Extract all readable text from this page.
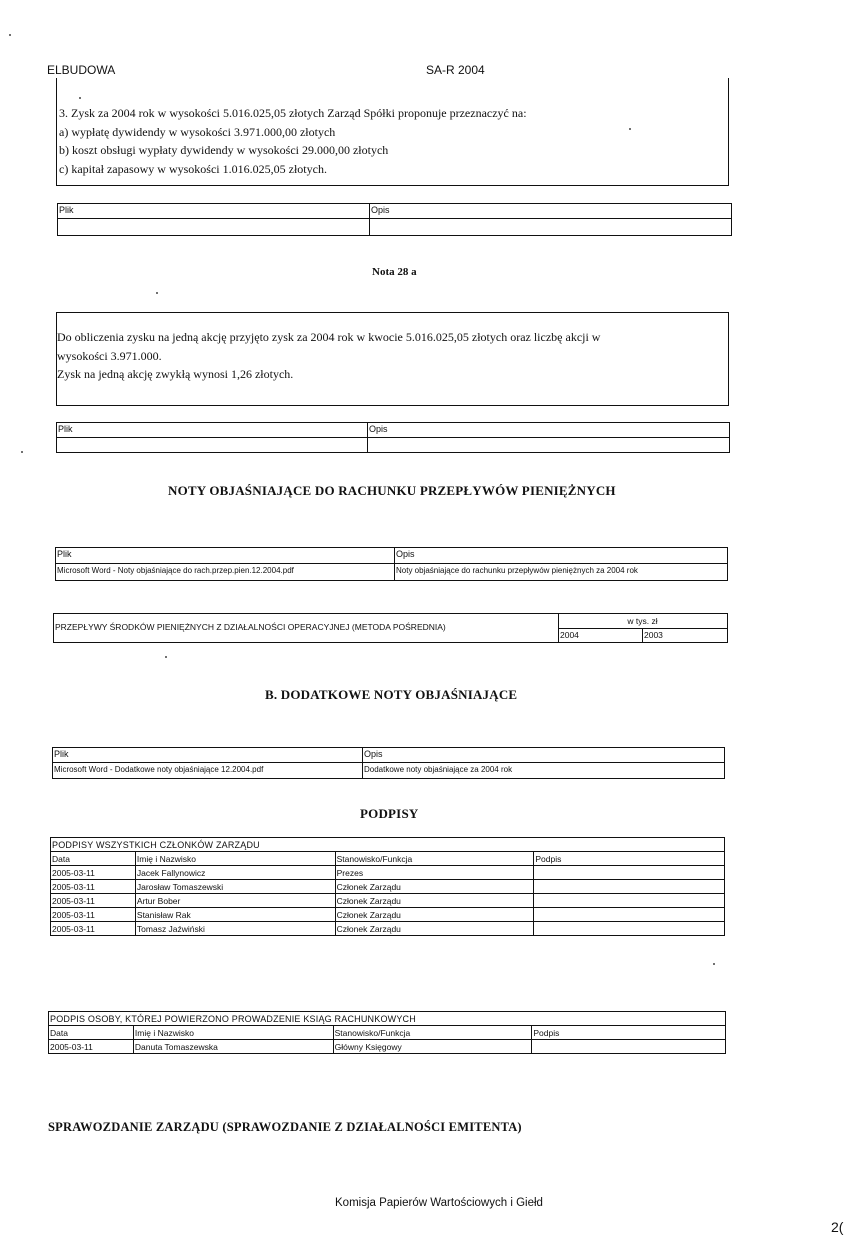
ELBUDOWA	SA-R 2004
3. Zysk za 2004 rok w wysokości 5.016.025,05 złotych Zarząd Spółki proponuje przeznaczyć na:
a) wypłatę dywidendy w wysokości 3.971.000,00 złotych
b) koszt obsługi wypłaty dywidendy w wysokości 29.000,00 złotych
c) kapitał zapasowy w wysokości 1.016.025,05 złotych.
Plik	Opis
Nota 28 a
Do obliczenia zysku na jedną akcję przyjęto zysk za 2004 rok w kwocie 5.016.025,05 złotych oraz liczbę akcji w
wysokości 3.971.000.
Zysk na jedną akcję zwykłą wynosi 1,26 złotych.
Plik	Opis
NOTY OBJAŚNIAJĄCE DO RACHUNKU PRZEPŁYWÓW PIENIĘŻNYCH
Plik	Opis
Microsoft Word - Noty objaśniające do rach.przep.pien.12.2004.pdf	Noty objaśniające do rachunku przepływów pieniężnych za 2004 rok
PRZEPŁYWY ŚRODKÓW PIENIĘŻNYCH Z DZIAŁALNOŚCI OPERACYJNEJ (METODA POŚREDNIA)
w tys. zł
2004	2003
B. DODATKOWE NOTY OBJAŚNIAJĄCE
Plik	Opis
Microsoft Word - Dodatkowe noty objaśniające 12.2004.pdf	Dodatkowe noty objaśniające za 2004 rok
PODPISY
PODPISY WSZYSTKICH CZŁONKÓW ZARZĄDU			
Data	Imię i Nazwisko	Stanowisko/Funkcja	Podpis
2005-03-11	Jacek Fallynowicz	Prezes	
2005-03-11	Jarosław Tomaszewski	Członek Zarządu	
2005-03-11	Artur Bober	Członek Zarządu	
2005-03-11	Stanisław Rak	Członek Zarządu	
2005-03-11	Tomasz Jaźwiński	Członek Zarządu	
PODPIS OSOBY, KTÓREJ POWIERZONO PROWADZENIE KSIĄG RACHUNKOWYCH			
Data	Imię i Nazwisko	Stanowisko/Funkcja	Podpis
2005-03-11	Danuta Tomaszewska	Główny Księgowy	
SPRAWOZDANIE ZARZĄDU (SPRAWOZDANIE Z DZIAŁALNOŚCI EMITENTA)
Komisja Papierów Wartościowych i Giełd
2(
